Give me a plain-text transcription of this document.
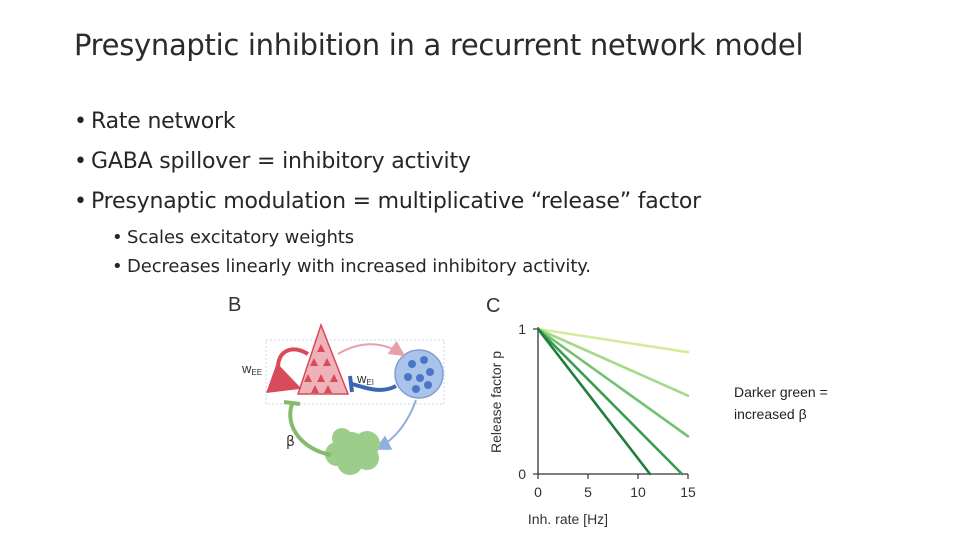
Presynaptic inhibition in a recurrent network model
• Rate network
• GABA spillover = inhibitory activity
• Presynaptic modulation = multiplicative “release” factor
• Scales excitatory weights
• Decreases linearly with increased inhibitory activity.
B
wEE	wEI
β
C
0	5	10 15
0
1
Release factor p
Inh. rate [Hz]
Darker green =
increased β
